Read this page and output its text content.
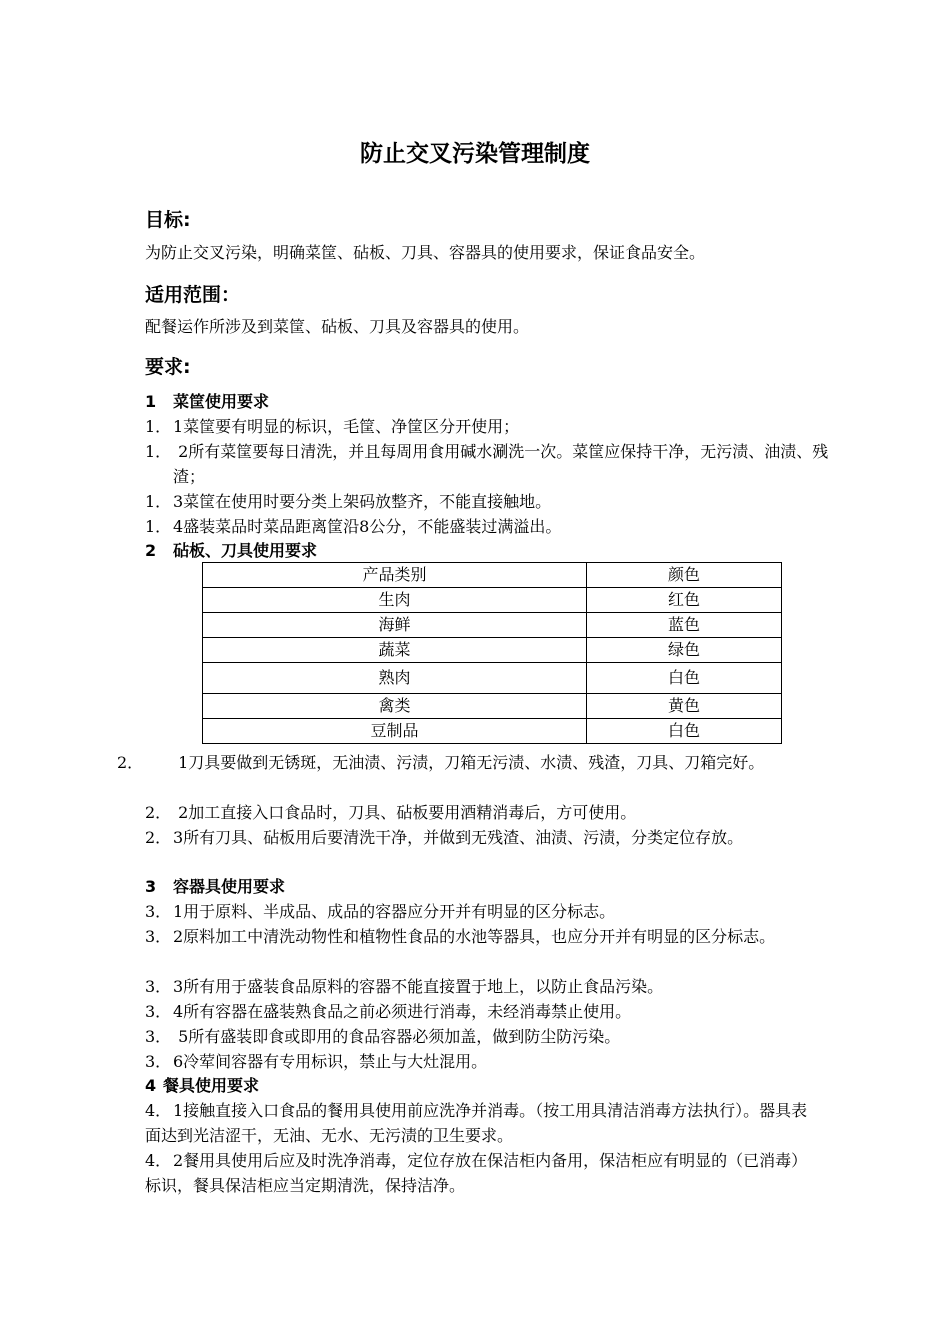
防止交叉污染管理制度
目标:
为防止交叉污染，明确菜筐、砧板、刀具、容器具的使用要求，保证食品安全。
适用范围：
配餐运作所涉及到菜筐、砧板、刀具及容器具的使用。
要求:
1 菜筐使用要求
1． 1菜筐要有明显的标识，毛筐、净筐区分开使用；
1． 2所有菜筐要每日清洗，并且每周用食用碱水涮洗一次。菜筐应保持干净，无污渍、油渍、残渣；
1． 3菜筐在使用时要分类上架码放整齐，不能直接触地。
1． 4盛装菜品时菜品距离筐沿8公分，不能盛装过满溢出。
2 砧板、刀具使用要求
产品类别	颜色
生肉	红色
海鲜	蓝色
蔬菜	绿色
熟肉	白色
禽类	黄色
豆制品	白色
2． 1刀具要做到无锈斑，无油渍、污渍，刀箱无污渍、水渍、残渣，刀具、刀箱完好。
2． 2加工直接入口食品时，刀具、砧板要用酒精消毒后，方可使用。
2． 3所有刀具、砧板用后要清洗干净，并做到无残渣、油渍、污渍，分类定位存放。
3 容器具使用要求
3． 1用于原料、半成品、成品的容器应分开并有明显的区分标志。
3． 2原料加工中清洗动物性和植物性食品的水池等器具，也应分开并有明显的区分标志。
3． 3所有用于盛装食品原料的容器不能直接置于地上，以防止食品污染。
3． 4所有容器在盛装熟食品之前必须进行消毒，未经消毒禁止使用。
3． 5所有盛装即食或即用的食品容器必须加盖，做到防尘防污染。
3． 6冷荤间容器有专用标识，禁止与大灶混用。
4 餐具使用要求
4． 1接触直接入口食品的餐用具使用前应洗净并消毒。（按工用具清洁消毒方法执行）。器具表面达到光洁涩干，无油、无水、无污渍的卫生要求。
4． 2餐用具使用后应及时洗净消毒，定位存放在保洁柜内备用，保洁柜应有明显的（已消毒）标识，餐具保洁柜应当定期清洗，保持洁净。
